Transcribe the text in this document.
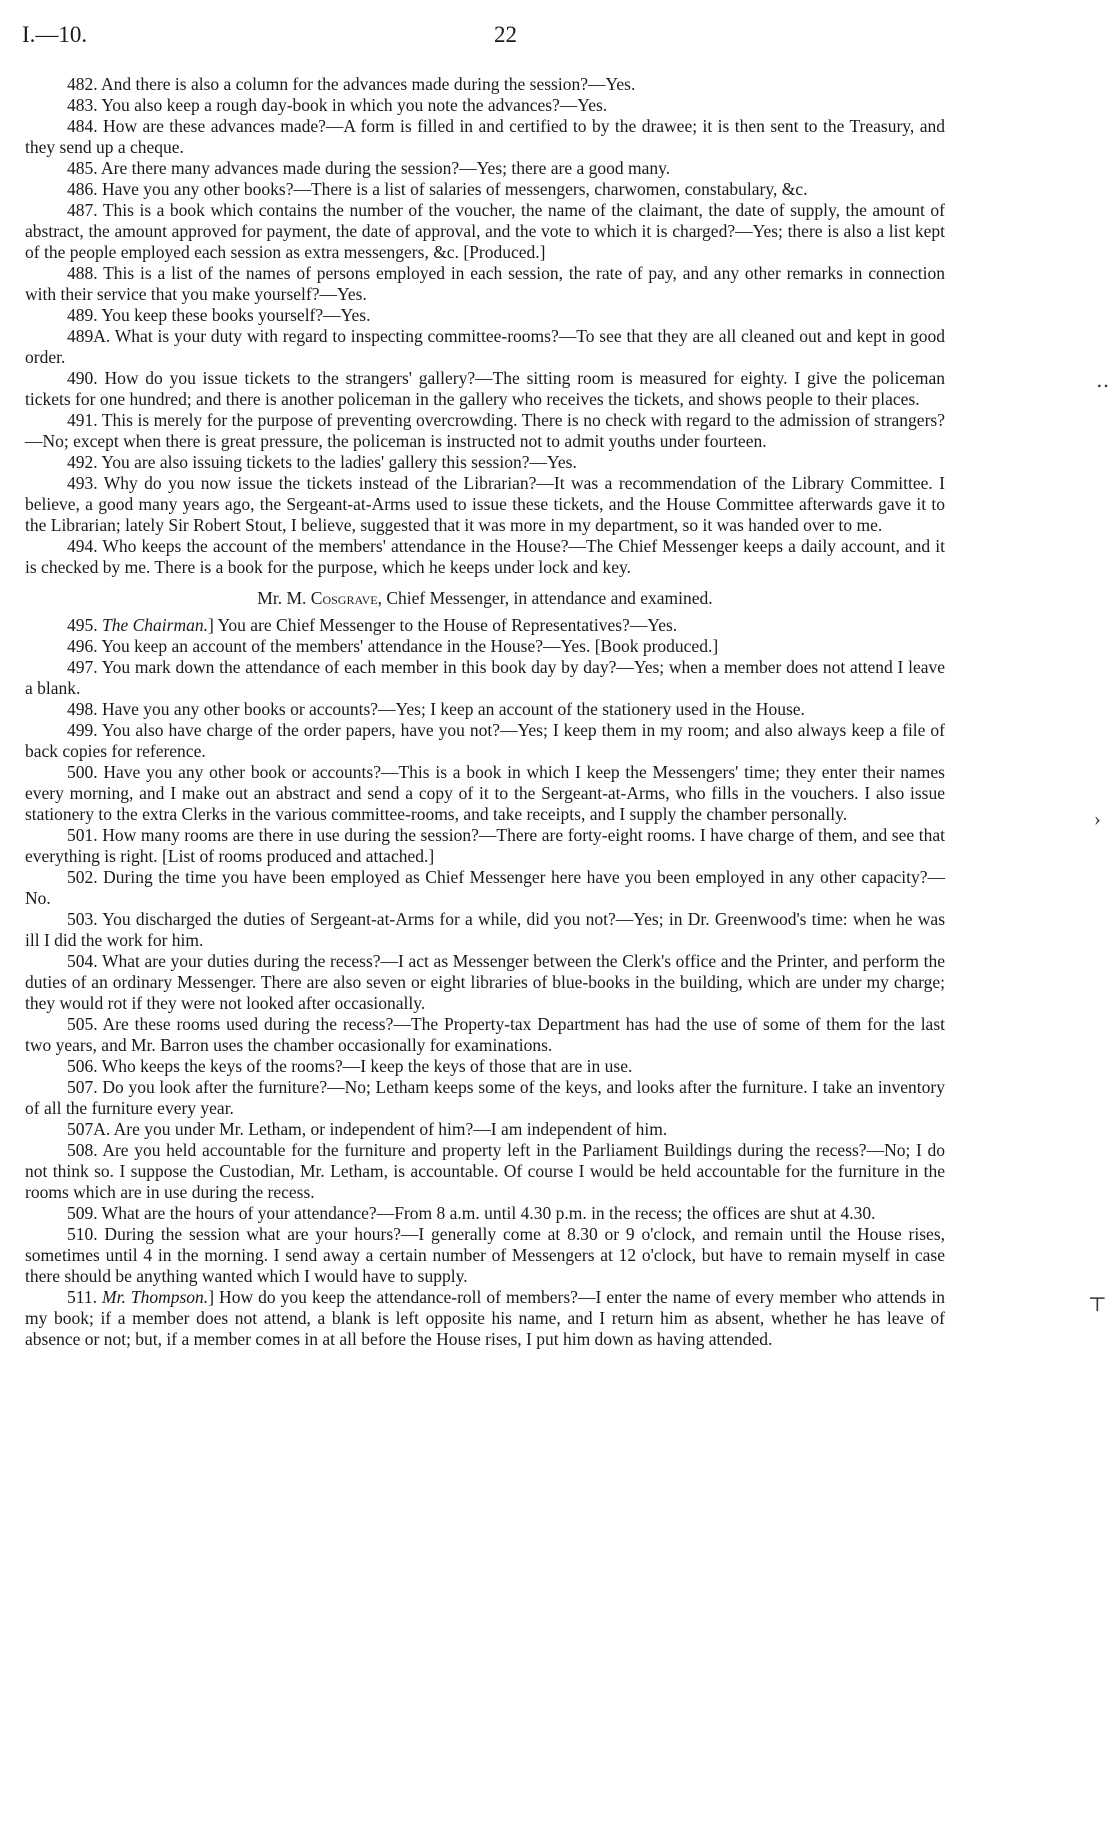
I.—10.	22

482. And there is also a column for the advances made during the session?—Yes.

483. You also keep a rough day-book in which you note the advances?—Yes.

484. How are these advances made?—A form is filled in and certified to by the drawee; it is then sent to the Treasury, and they send up a cheque.

485. Are there many advances made during the session?—Yes; there are a good many.

486. Have you any other books?—There is a list of salaries of messengers, charwomen, constabulary, &c.

487. This is a book which contains the number of the voucher, the name of the claimant, the date of supply, the amount of abstract, the amount approved for payment, the date of approval, and the vote to which it is charged?—Yes; there is also a list kept of the people employed each session as extra messengers, &c. [Produced.]

488. This is a list of the names of persons employed in each session, the rate of pay, and any other remarks in connection with their service that you make yourself?—Yes.

489. You keep these books yourself?—Yes.

489A. What is your duty with regard to inspecting committee-rooms?—To see that they are all cleaned out and kept in good order.

490. How do you issue tickets to the strangers' gallery?—The sitting room is measured for eighty. I give the policeman tickets for one hundred; and there is another policeman in the gallery who receives the tickets, and shows people to their places.

491. This is merely for the purpose of preventing overcrowding. There is no check with regard to the admission of strangers?—No; except when there is great pressure, the policeman is instructed not to admit youths under fourteen.

492. You are also issuing tickets to the ladies' gallery this session?—Yes.

493. Why do you now issue the tickets instead of the Librarian?—It was a recommendation of the Library Committee. I believe, a good many years ago, the Sergeant-at-Arms used to issue these tickets, and the House Committee afterwards gave it to the Librarian; lately Sir Robert Stout, I believe, suggested that it was more in my department, so it was handed over to me.

494. Who keeps the account of the members' attendance in the House?—The Chief Messenger keeps a daily account, and it is checked by me. There is a book for the purpose, which he keeps under lock and key.

Mr. M. Cosgrave, Chief Messenger, in attendance and examined.

495. The Chairman.] You are Chief Messenger to the House of Representatives?—Yes.

496. You keep an account of the members' attendance in the House?—Yes. [Book produced.]

497. You mark down the attendance of each member in this book day by day?—Yes; when a member does not attend I leave a blank.

498. Have you any other books or accounts?—Yes; I keep an account of the stationery used in the House.

499. You also have charge of the order papers, have you not?—Yes; I keep them in my room; and also always keep a file of back copies for reference.

500. Have you any other book or accounts?—This is a book in which I keep the Messengers' time; they enter their names every morning, and I make out an abstract and send a copy of it to the Sergeant-at-Arms, who fills in the vouchers. I also issue stationery to the extra Clerks in the various committee-rooms, and take receipts, and I supply the chamber personally.

501. How many rooms are there in use during the session?—There are forty-eight rooms. I have charge of them, and see that everything is right. [List of rooms produced and attached.]

502. During the time you have been employed as Chief Messenger here have you been employed in any other capacity?—No.

503. You discharged the duties of Sergeant-at-Arms for a while, did you not?—Yes; in Dr. Greenwood's time: when he was ill I did the work for him.

504. What are your duties during the recess?—I act as Messenger between the Clerk's office and the Printer, and perform the duties of an ordinary Messenger. There are also seven or eight libraries of blue-books in the building, which are under my charge; they would rot if they were not looked after occasionally.

505. Are these rooms used during the recess?—The Property-tax Department has had the use of some of them for the last two years, and Mr. Barron uses the chamber occasionally for examinations.

506. Who keeps the keys of the rooms?—I keep the keys of those that are in use.

507. Do you look after the furniture?—No; Letham keeps some of the keys, and looks after the furniture. I take an inventory of all the furniture every year.

507A. Are you under Mr. Letham, or independent of him?—I am independent of him.

508. Are you held accountable for the furniture and property left in the Parliament Buildings during the recess?—No; I do not think so. I suppose the Custodian, Mr. Letham, is accountable. Of course I would be held accountable for the furniture in the rooms which are in use during the recess.

509. What are the hours of your attendance?—From 8 a.m. until 4.30 p.m. in the recess; the offices are shut at 4.30.

510. During the session what are your hours?—I generally come at 8.30 or 9 o'clock, and remain until the House rises, sometimes until 4 in the morning. I send away a certain number of Messengers at 12 o'clock, but have to remain myself in case there should be anything wanted which I would have to supply.

511. Mr. Thompson.] How do you keep the attendance-roll of members?—I enter the name of every member who attends in my book; if a member does not attend, a blank is left opposite his name, and I return him as absent, whether he has leave of absence or not; but, if a member comes in at all before the House rises, I put him down as having attended.

‥
›
⊤
